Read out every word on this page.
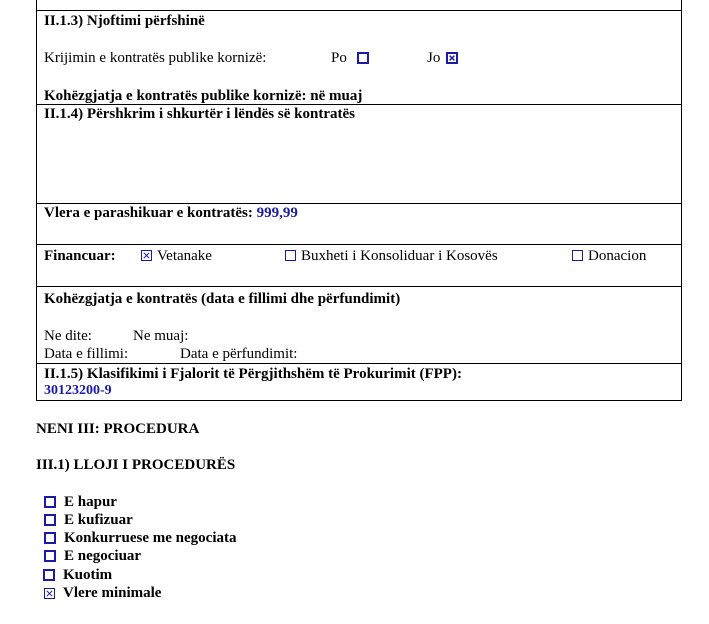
II.1.3) Njoftimi përfshinë
Krijimin e kontratës publike kornizë:	Po	Jo
Kohëzgjatja e kontratës publike kornizë: në muaj
II.1.4) Përshkrim i shkurtër i lëndës së kontratës
Vlera e parashikuar e kontratës: 999,99
Financuar:	Vetanake	Buxheti i Konsoliduar i Kosovës	Donacion
Kohëzgjatja e kontratës (data e fillimi dhe përfundimit)
Ne dite:	Ne muaj:
Data e fillimi:	Data e përfundimit:
II.1.5) Klasifikimi i Fjalorit të Përgjithshëm të Prokurimit (FPP):
30123200-9
NENI III: PROCEDURA
III.1) LLOJI I PROCEDURËS
E hapur
E kufizuar
Konkurruese me negociata
E negociuar
Kuotim
Vlere minimale
